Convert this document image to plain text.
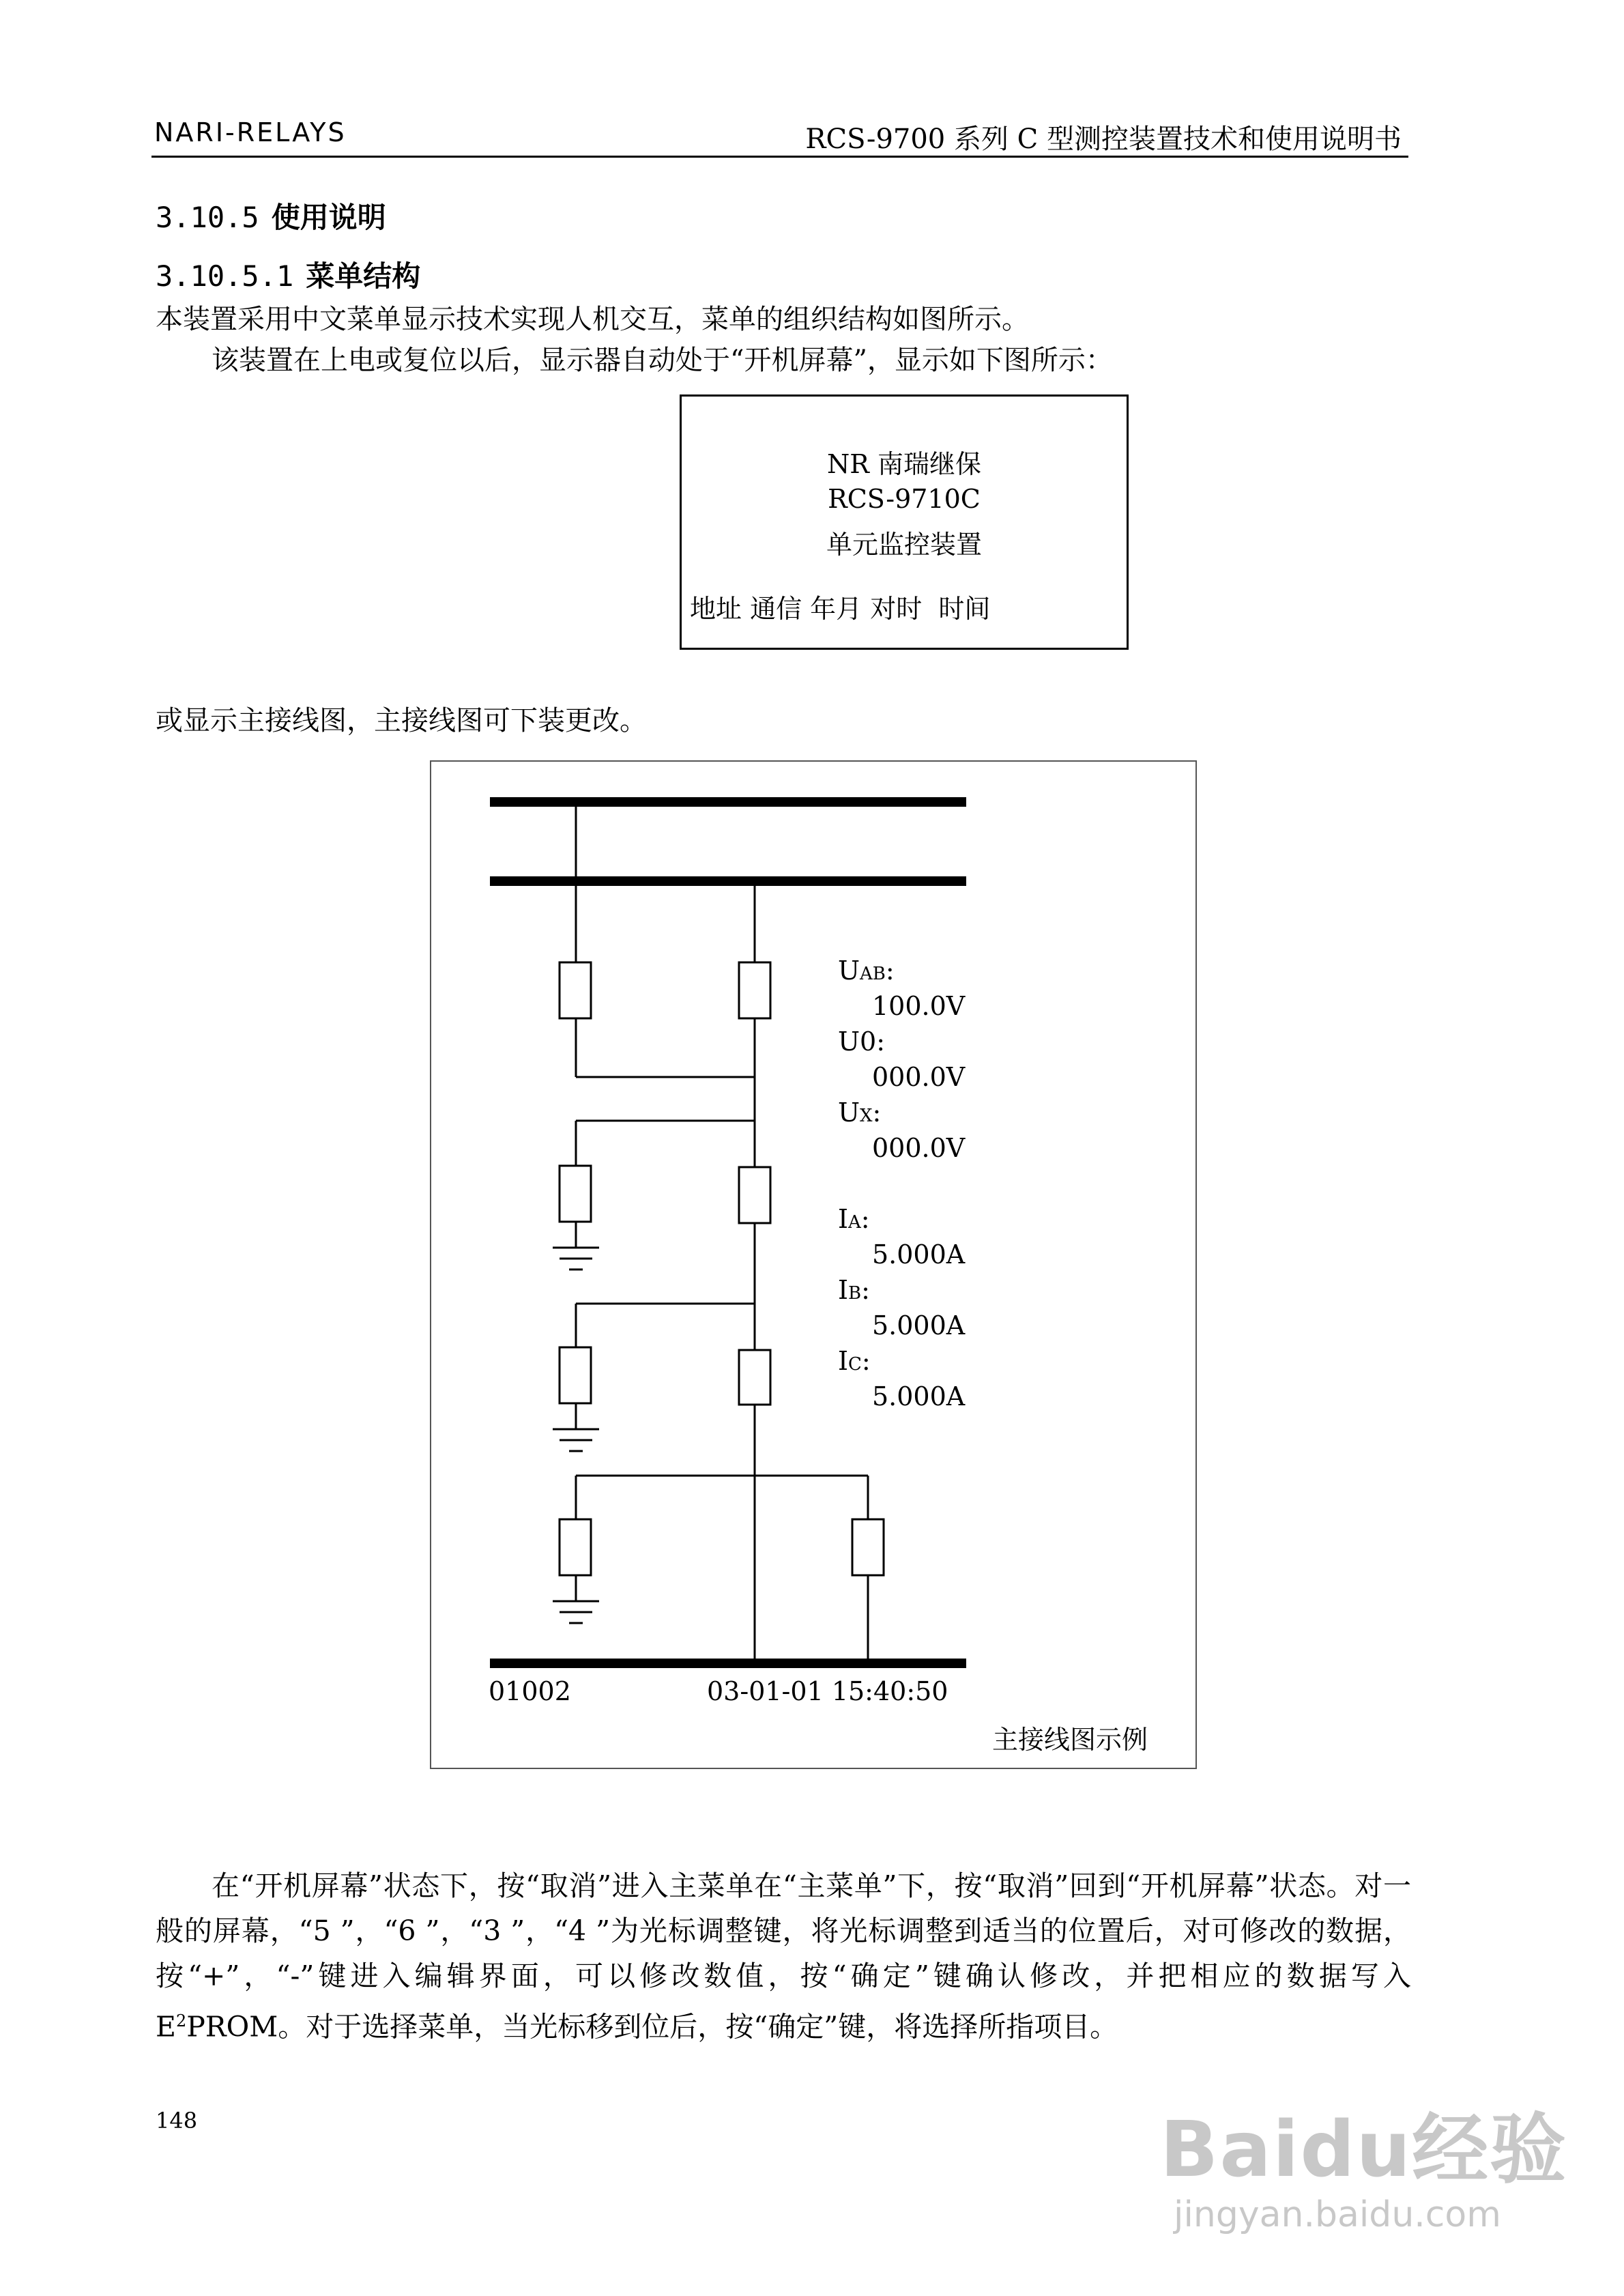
NARI-RELAYS	RCS-9700 系列 C 型测控装置技术和使用说明书
3.10.5 使用说明
3.10.5.1 菜单结构
本装置采用中文菜单显示技术实现人机交互，菜单的组织结构如图所示。
该装置在上电或复位以后，显示器自动处于“开机屏幕”，显示如下图所示：
NR 南瑞继保
RCS-9710C
单元监控装置
地址 通信 年月 对时  时间
或显示主接线图，主接线图可下装更改。
UAB:
100.0V
U0:
000.0V
UX:
000.0V
IA:
5.000A
IB:
5.000A
IC:
5.000A
01002	03-01-01 15:40:50
主接线图示例

在“开机屏幕”状态下，按“取消”进入主菜单在“主菜单”下，按“取消”回到“开机屏幕”状态。对一般的屏幕，“5 ”，“6 ”，“3 ”，“4 ”为光标调整键，将光标调整到适当的位置后，对可修改的数据，按“+”，“-”键进入编辑界面，可以修改数值，按“确定”键确认修改，并把相应的数据写入 $E^2PROM$。对于选择菜单，当光标移到位后，按“确定”键，将选择所指项目。

148	Baidu经验
jingyan.baidu.com
